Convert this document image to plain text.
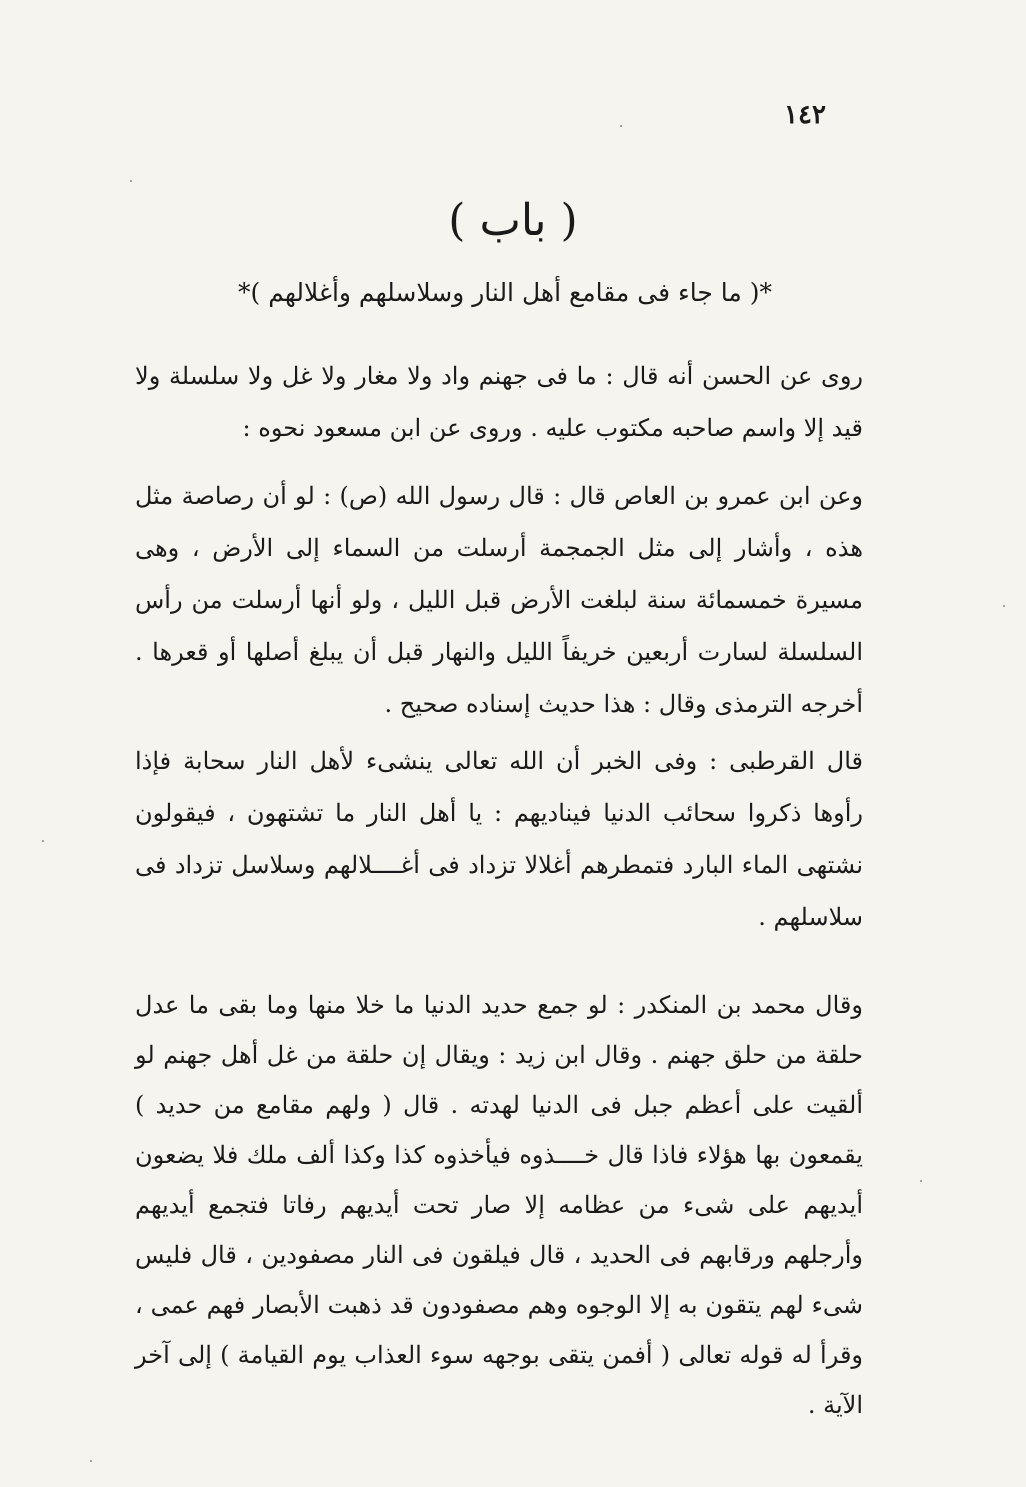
١٤٢
( باب )
*( ما جاء فى مقامع أهل النار وسلاسلهم وأغلالهم )*
روى عن الحسن أنه قال : ما فى جهنم واد ولا مغار ولا غل ولا سلسلة ولا قيد إلا واسم صاحبه مكتوب عليه . وروى عن ابن مسعود نحوه :
وعن ابن عمرو بن العاص قال : قال رسول الله (ص) : لو أن رصاصة مثل هذه ، وأشار إلى مثل الجمجمة أرسلت من السماء إلى الأرض ، وهى مسيرة خمسمائة سنة لبلغت الأرض قبل الليل ، ولو أنها أرسلت من رأس السلسلة لسارت أربعين خريفاً الليل والنهار قبل أن يبلغ أصلها أو قعرها . أخرجه الترمذى وقال : هذا حديث إسناده صحيح .
قال القرطبى : وفى الخبر أن الله تعالى ينشىء لأهل النار سحابة فإذا رأوها ذكروا سحائب الدنيا فيناديهم : يا أهل النار ما تشتهون ، فيقولون نشتهى الماء البارد فتمطرهم أغلالا تزداد فى أغــــلالهم وسلاسل تزداد فى سلاسلهم .
وقال محمد بن المنكدر : لو جمع حديد الدنيا ما خلا منها وما بقى ما عدل حلقة من حلق جهنم . وقال ابن زيد : ويقال إن حلقة من غل أهل جهنم لو ألقيت على أعظم جبل فى الدنيا لهدته . قال ( ولهم مقامع من حديد ) يقمعون بها هؤلاء فاذا قال خــــذوه فيأخذوه كذا وكذا ألف ملك فلا يضعون أيديهم على شىء من عظامه إلا صار تحت أيديهم رفاتا فتجمع أيديهم وأرجلهم ورقابهم فى الحديد ، قال فيلقون فى النار مصفودين ، قال فليس شىء لهم يتقون به إلا الوجوه وهم مصفودون قد ذهبت الأبصار فهم عمى ، وقرأ له قوله تعالى ( أفمن يتقى بوجهه سوء العذاب يوم القيامة ) إلى آخر الآية .
